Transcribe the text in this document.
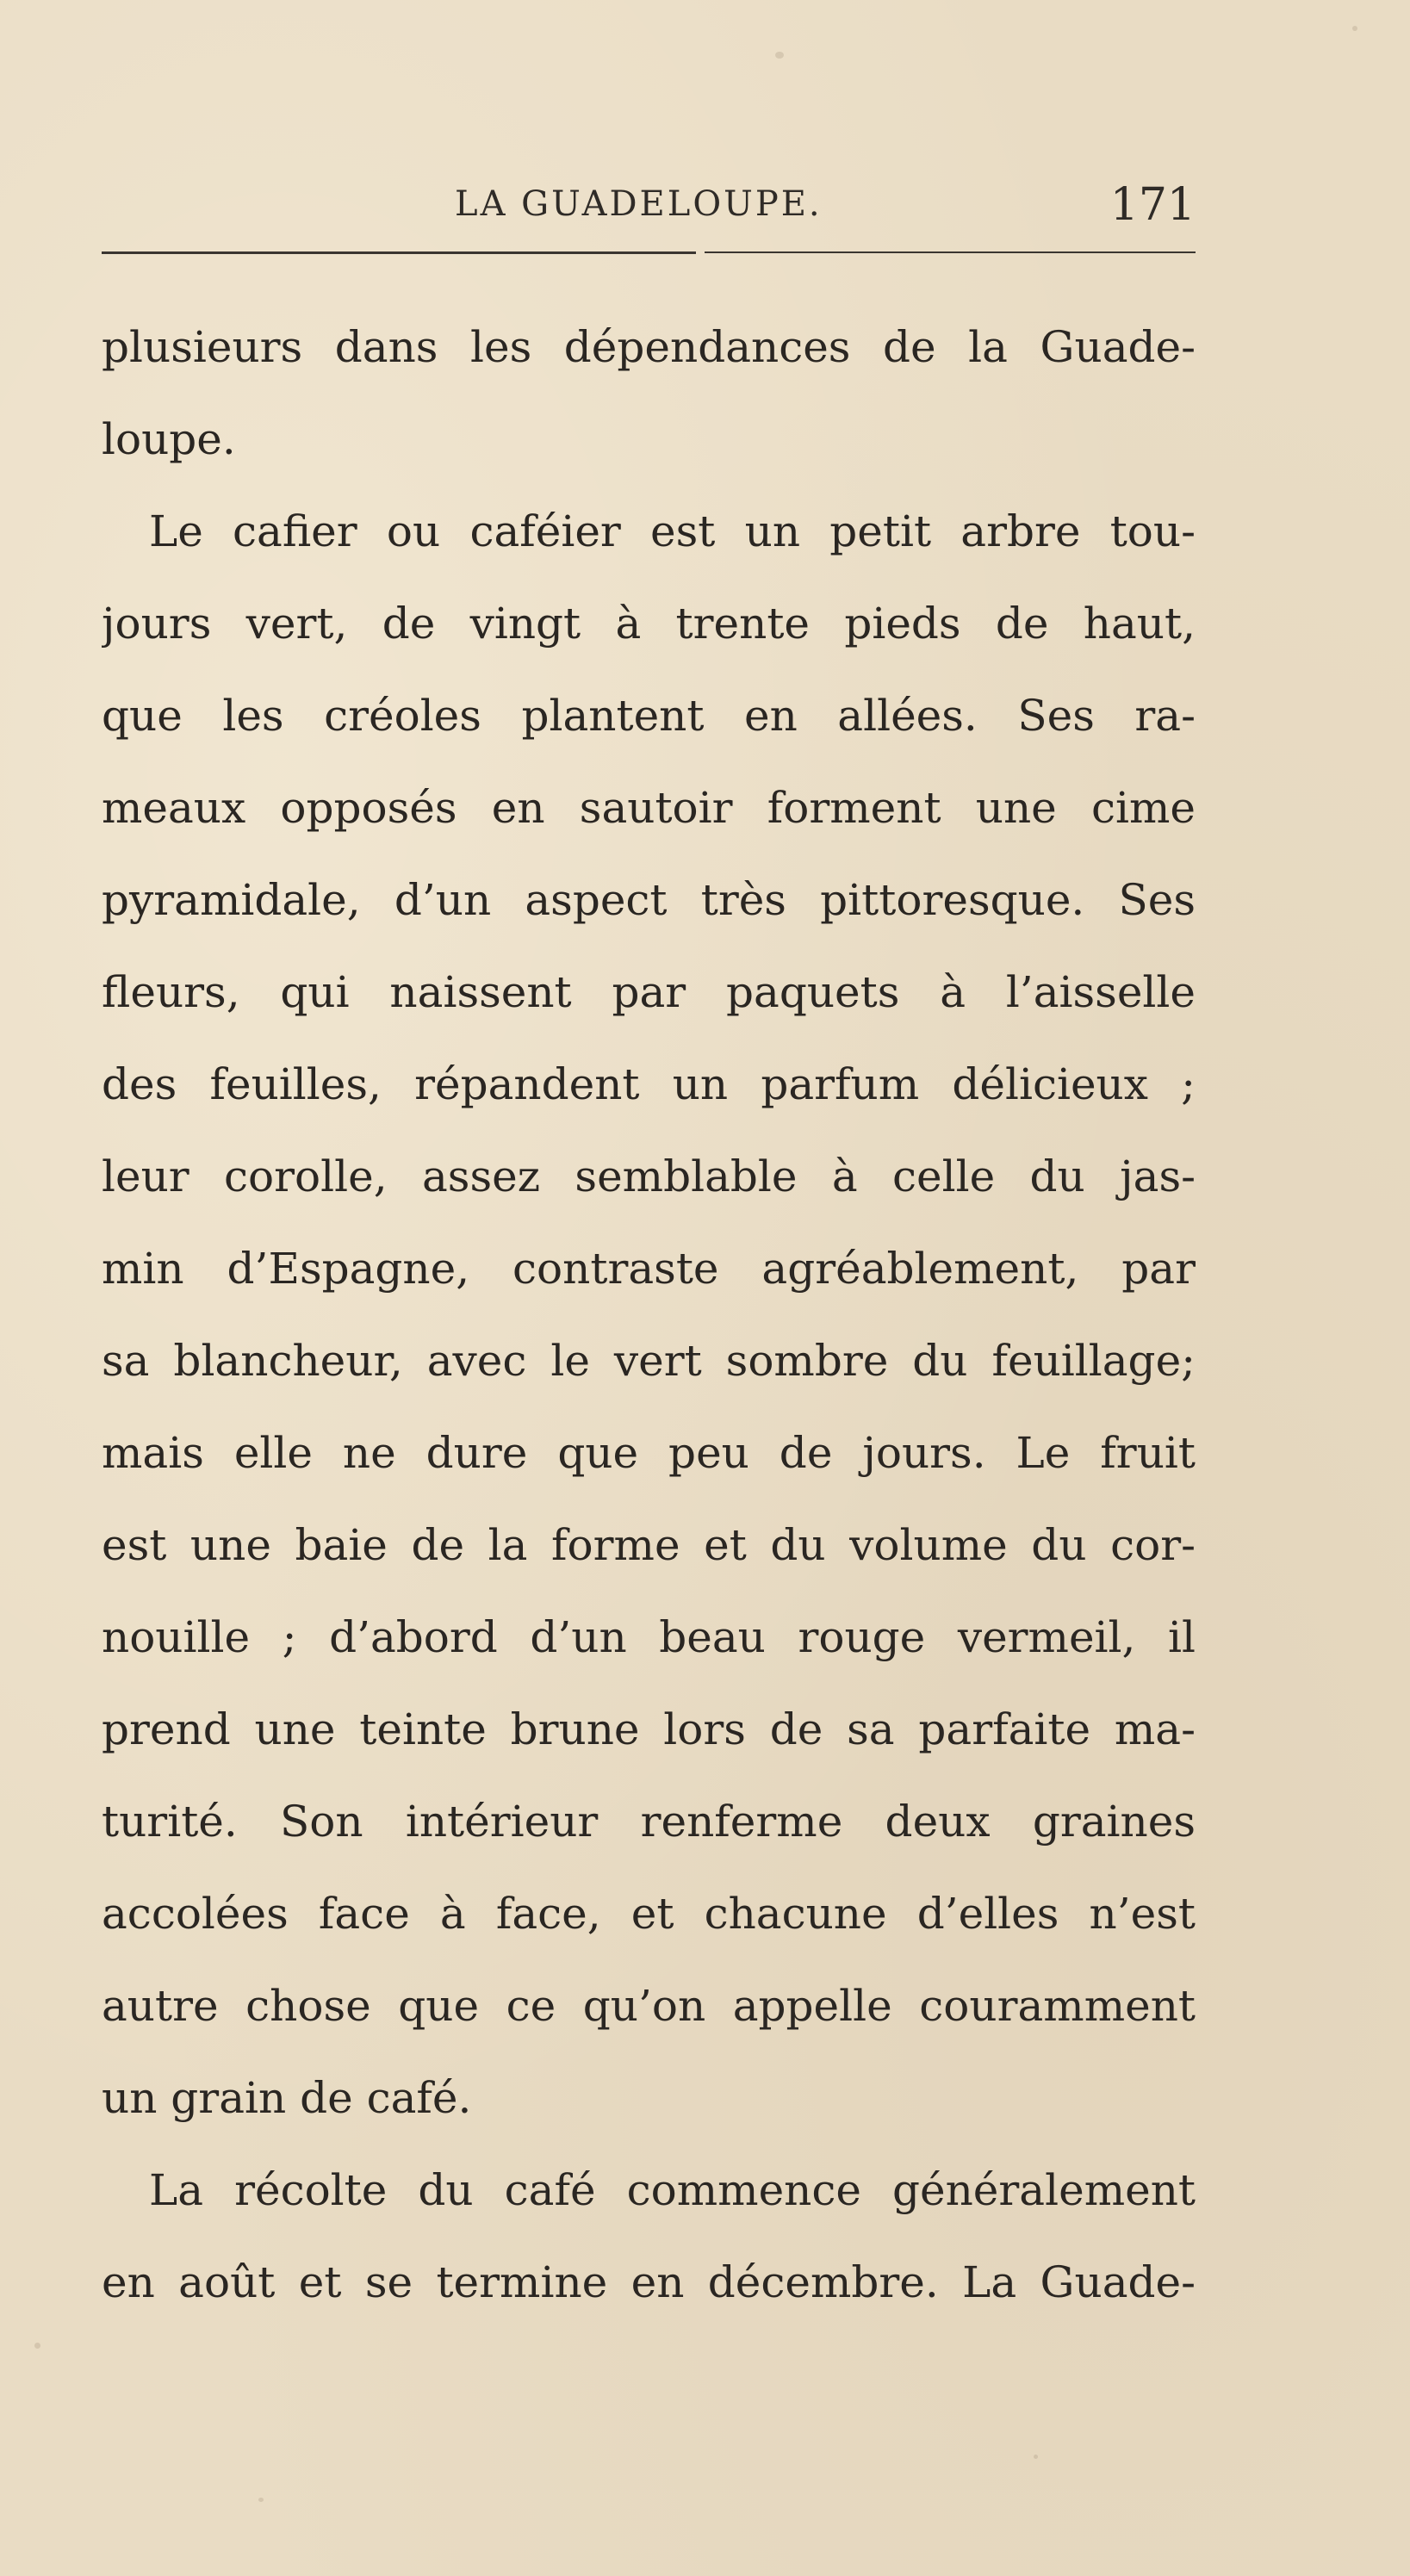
LA GUADELOUPE.	171
plusieurs dans les dépendances de la Guade-
loupe.
Le cafier ou caféier est un petit arbre tou-
jours vert, de vingt à trente pieds de haut,
que les créoles plantent en allées. Ses ra-
meaux opposés en sautoir forment une cime
pyramidale, d’un aspect très pittoresque. Ses
fleurs, qui naissent par paquets à l’aisselle
des feuilles, répandent un parfum délicieux ;
leur corolle, assez semblable à celle du jas-
min d’Espagne, contraste agréablement, par
sa blancheur, avec le vert sombre du feuillage;
mais elle ne dure que peu de jours. Le fruit
est une baie de la forme et du volume du cor-
nouille ; d’abord d’un beau rouge vermeil, il
prend une teinte brune lors de sa parfaite ma-
turité. Son intérieur renferme deux graines
accolées face à face, et chacune d’elles n’est
autre chose que ce qu’on appelle couramment
un grain de café.
La récolte du café commence généralement
en août et se termine en décembre. La Guade-
